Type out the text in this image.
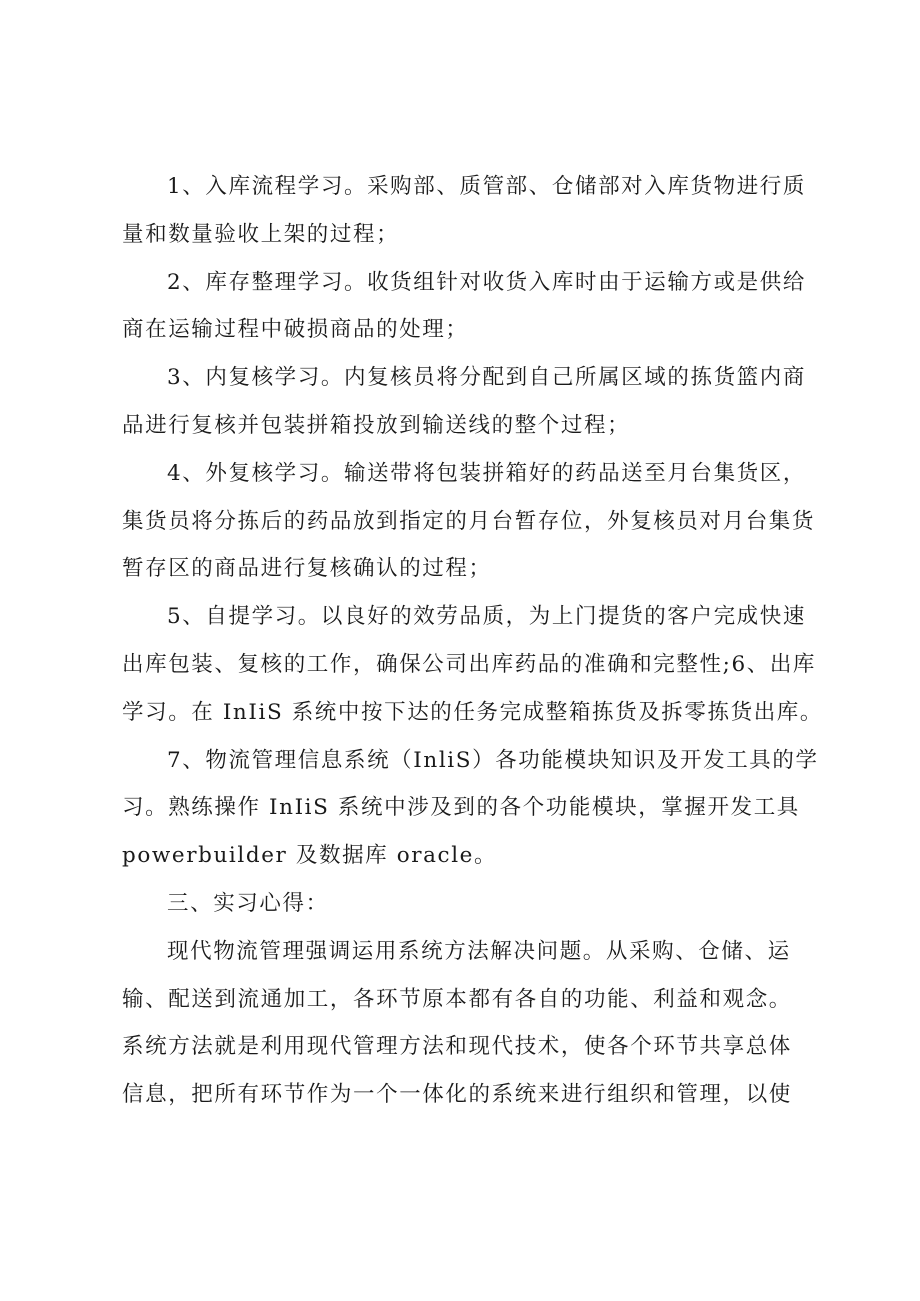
1、入库流程学习。采购部、质管部、仓储部对入库货物进行质
量和数量验收上架的过程；
2、库存整理学习。收货组针对收货入库时由于运输方或是供给
商在运输过程中破损商品的处理；
3、内复核学习。内复核员将分配到自己所属区域的拣货篮内商
品进行复核并包装拼箱投放到输送线的整个过程；
4、外复核学习。输送带将包装拼箱好的药品送至月台集货区，
集货员将分拣后的药品放到指定的月台暂存位，外复核员对月台集货
暂存区的商品进行复核确认的过程；
5、自提学习。以良好的效劳品质，为上门提货的客户完成快速
出库包装、复核的工作，确保公司出库药品的准确和完整性;6、出库
学习。在 InIiS 系统中按下达的任务完成整箱拣货及拆零拣货出库。
7、物流管理信息系统（InliS）各功能模块知识及开发工具的学
习。熟练操作 InIiS 系统中涉及到的各个功能模块，掌握开发工具
powerbuilder 及数据库 oracle。
三、实习心得：
现代物流管理强调运用系统方法解决问题。从采购、仓储、运
输、配送到流通加工，各环节原本都有各自的功能、利益和观念。
系统方法就是利用现代管理方法和现代技术，使各个环节共享总体
信息，把所有环节作为一个一体化的系统来进行组织和管理，以使
